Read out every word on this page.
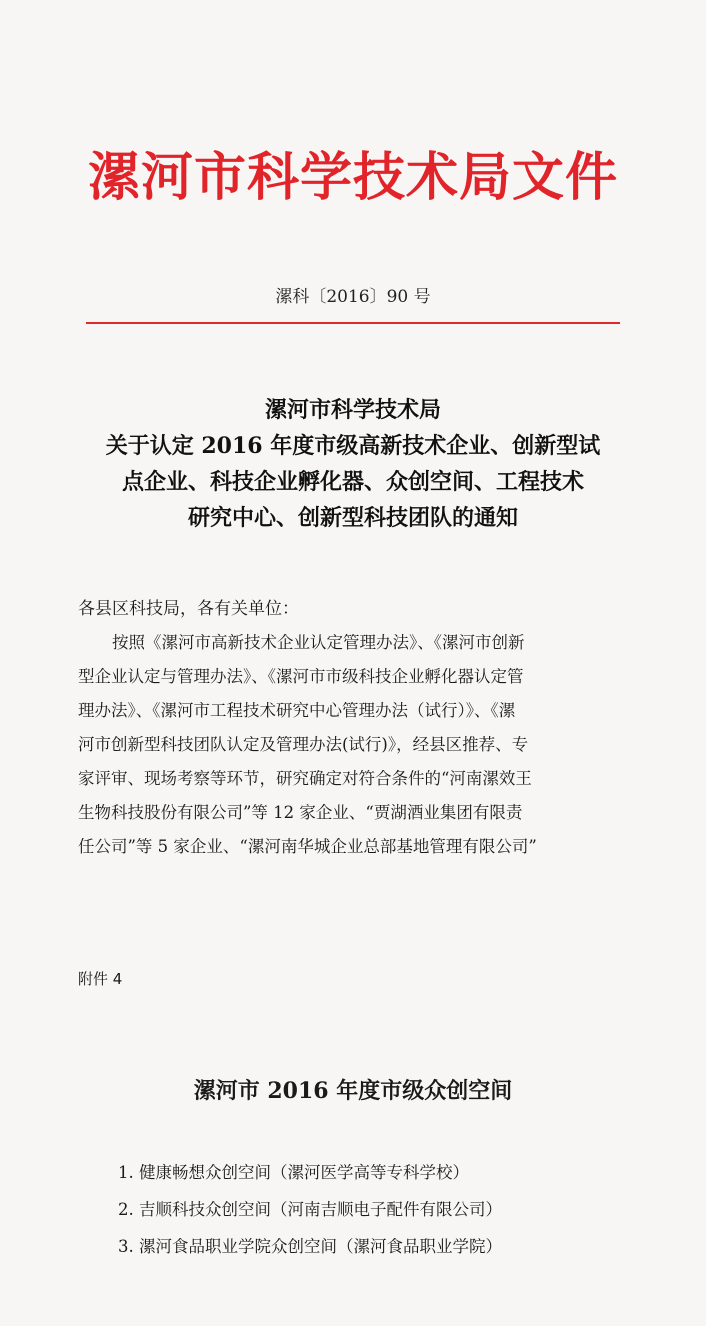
漯河市科学技术局文件
漯科〔2016〕90 号
漯河市科学技术局
关于认定 2016 年度市级高新技术企业、创新型试
点企业、科技企业孵化器、众创空间、工程技术
研究中心、创新型科技团队的通知
各县区科技局，各有关单位：
按照《漯河市高新技术企业认定管理办法》、《漯河市创新
型企业认定与管理办法》、《漯河市市级科技企业孵化器认定管
理办法》、《漯河市工程技术研究中心管理办法（试行）》、《漯
河市创新型科技团队认定及管理办法(试行)》，经县区推荐、专
家评审、现场考察等环节，研究确定对符合条件的“河南漯效王
生物科技股份有限公司”等 12 家企业、“贾湖酒业集团有限责
任公司”等 5 家企业、“漯河南华城企业总部基地管理有限公司”
附件 4
漯河市 2016 年度市级众创空间
1. 健康畅想众创空间（漯河医学高等专科学校）
2. 吉顺科技众创空间（河南吉顺电子配件有限公司）
3. 漯河食品职业学院众创空间（漯河食品职业学院）
